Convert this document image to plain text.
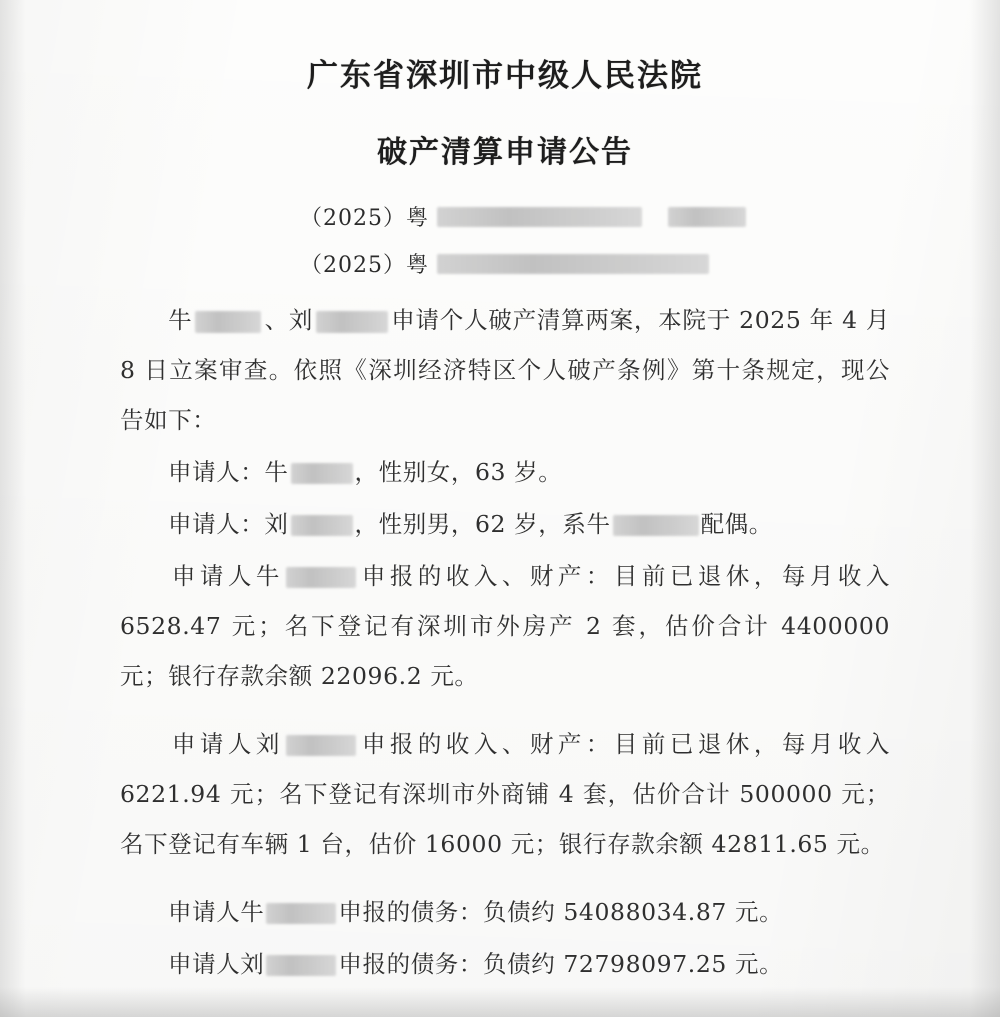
广东省深圳市中级人民法院
破产清算申请公告
（2025）粤
（2025）粤

牛	、刘	申请个人破产清算两案，本院于 2025 年 4 月 8 日立案审查。依照《深圳经济特区个人破产条例》第十条规定，现公告如下：

申请人：牛	，性别女，63 岁。

申请人：刘	，性别男，62 岁，系牛	配偶。

申请人牛	申报的收入、财产：目前已退休，每月收入 6528.47 元；名下登记有深圳市外房产 2 套，估价合计 4400000 元；银行存款余额 22096.2 元。

申请人刘	申报的收入、财产：目前已退休，每月收入 6221.94 元；名下登记有深圳市外商铺 4 套，估价合计 500000 元；名下登记有车辆 1 台，估价 16000 元；银行存款余额 42811.65 元。

申请人牛	申报的债务：负债约 54088034.87 元。

申请人刘	申报的债务：负债约 72798097.25 元。
